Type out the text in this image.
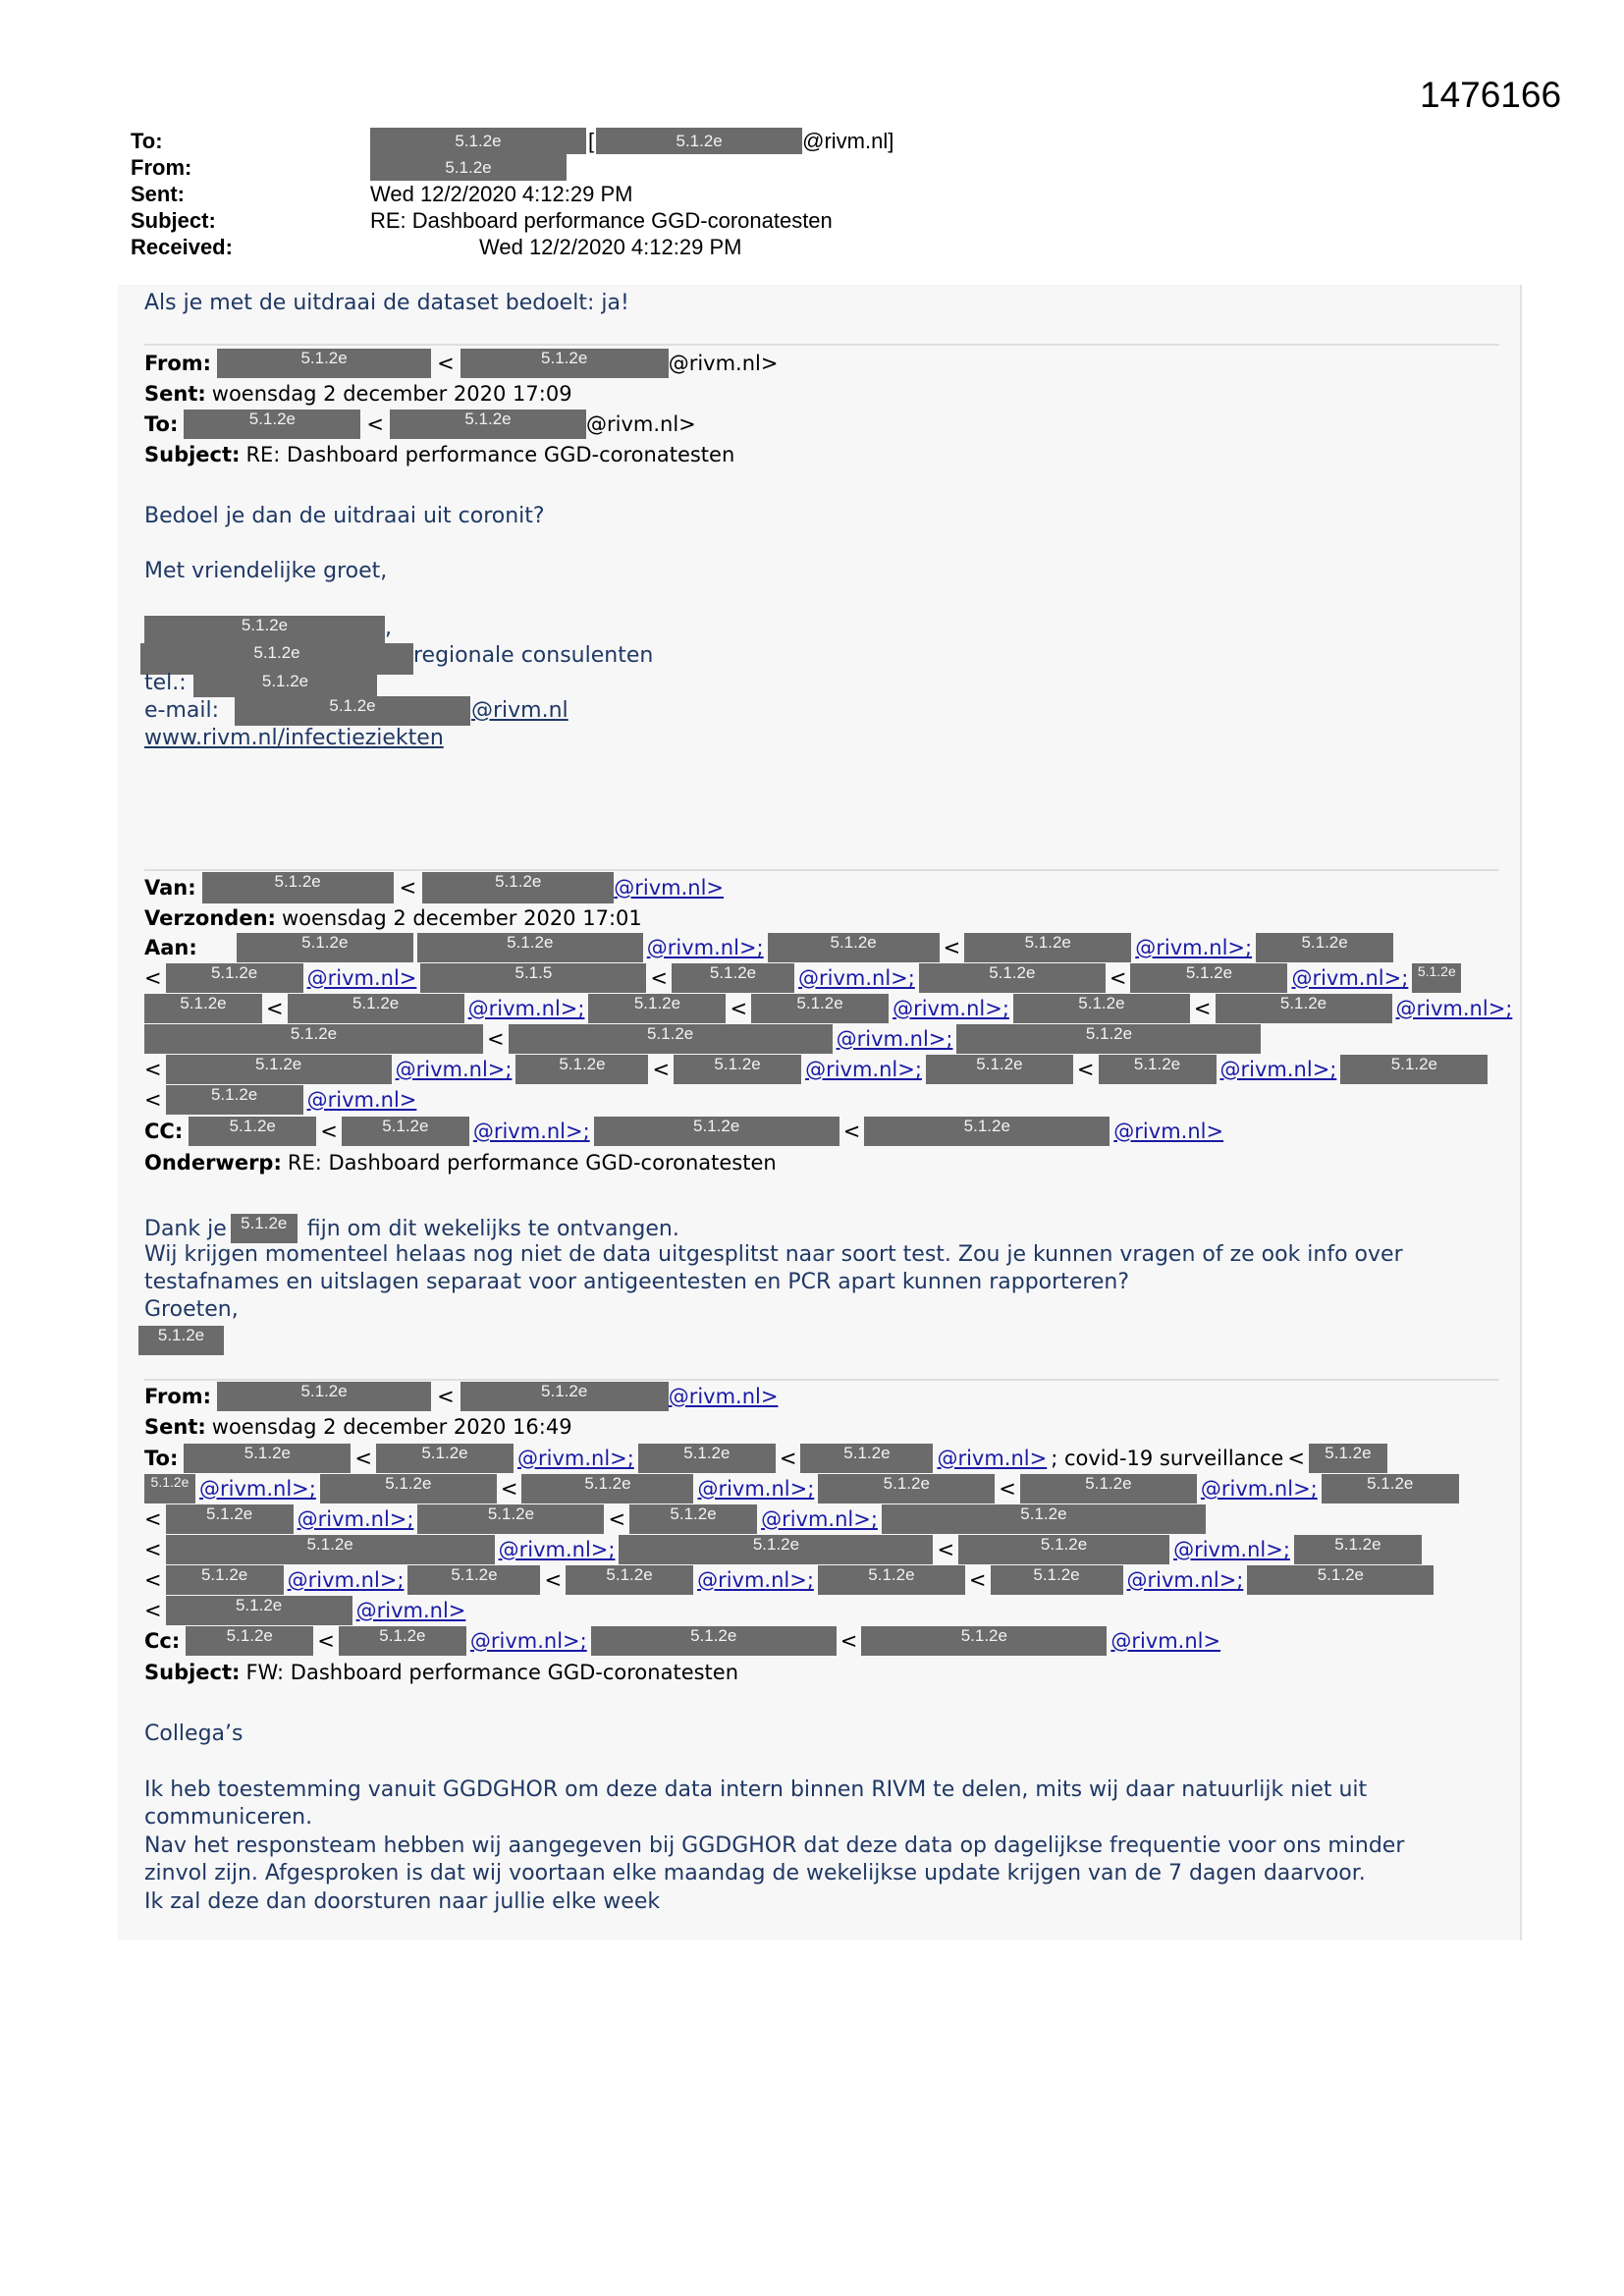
1476166
To:	5.1.2e	[	5.1.2e	@rivm.nl]
From:	5.1.2e
Sent:	Wed 12/2/2020 4:12:29 PM
Subject:	RE: Dashboard performance GGD-coronatesten
Received:	Wed 12/2/2020 4:12:29 PM
Als je met de uitdraai de dataset bedoelt: ja!
From:	5.1.2e	<	5.1.2e	@rivm.nl>
Sent: woensdag 2 december 2020 17:09
To:	5.1.2e	<	5.1.2e	@rivm.nl>
Subject: RE: Dashboard performance GGD-coronatesten
Bedoel je dan de uitdraai uit coronit?
Met vriendelijke groet,
5.1.2e	,
5.1.2e	regionale consulenten
tel.:	5.1.2e
e-mail:	5.1.2e	@rivm.nl
www.rivm.nl/infectieziekten
Van:	5.1.2e	<	5.1.2e	@rivm.nl>
Verzonden: woensdag 2 december 2020 17:01
Aan:	5.1.2e	5.1.2e	@rivm.nl>;	5.1.2e	<	5.1.2e	@rivm.nl>;	5.1.2e
<	5.1.2e	@rivm.nl>	5.1.5	<	5.1.2e	@rivm.nl>;	5.1.2e	<	5.1.2e	@rivm.nl>; 5.1.2e
5.1.2e	<	5.1.2e	@rivm.nl>;	5.1.2e	<	5.1.2e	@rivm.nl>;	5.1.2e	<	5.1.2e	@rivm.nl>;
5.1.2e	<	5.1.2e	@rivm.nl>;	5.1.2e
<	5.1.2e	@rivm.nl>;	5.1.2e	<	5.1.2e	@rivm.nl>;	5.1.2e	<	5.1.2e	@rivm.nl>;	5.1.2e
<	5.1.2e	@rivm.nl>
CC:	5.1.2e	<	5.1.2e	@rivm.nl>;	5.1.2e	<	5.1.2e	@rivm.nl>
Onderwerp: RE: Dashboard performance GGD-coronatesten
Dank je 5.1.2e fijn om dit wekelijks te ontvangen.
Wij krijgen momenteel helaas nog niet de data uitgesplitst naar soort test. Zou je kunnen vragen of ze ook info over
testafnames en uitslagen separaat voor antigeentesten en PCR apart kunnen rapporteren?
Groeten,
5.1.2e
From:	5.1.2e	<	5.1.2e	@rivm.nl>
Sent: woensdag 2 december 2020 16:49
To:	5.1.2e	<	5.1.2e	@rivm.nl>;	5.1.2e	<	5.1.2e	@rivm.nl> ; covid-19 surveillance <	5.1.2e
5.1.2e @rivm.nl>;	5.1.2e	<	5.1.2e	@rivm.nl>;	5.1.2e	<	5.1.2e	@rivm.nl>;	5.1.2e
<	5.1.2e	@rivm.nl>;	5.1.2e	<	5.1.2e	@rivm.nl>;	5.1.2e
<	5.1.2e	@rivm.nl>;	5.1.2e	<	5.1.2e	@rivm.nl>;	5.1.2e
<	5.1.2e	@rivm.nl>;	5.1.2e	<	5.1.2e	@rivm.nl>;	5.1.2e	<	5.1.2e	@rivm.nl>;	5.1.2e
<	5.1.2e	@rivm.nl>
Cc:	5.1.2e	<	5.1.2e	@rivm.nl>;	5.1.2e	<	5.1.2e	@rivm.nl>
Subject: FW: Dashboard performance GGD-coronatesten
Collega’s
Ik heb toestemming vanuit GGDGHOR om deze data intern binnen RIVM te delen, mits wij daar natuurlijk niet uit
communiceren.
Nav het responsteam hebben wij aangegeven bij GGDGHOR dat deze data op dagelijkse frequentie voor ons minder
zinvol zijn. Afgesproken is dat wij voortaan elke maandag de wekelijkse update krijgen van de 7 dagen daarvoor.
Ik zal deze dan doorsturen naar jullie elke week
